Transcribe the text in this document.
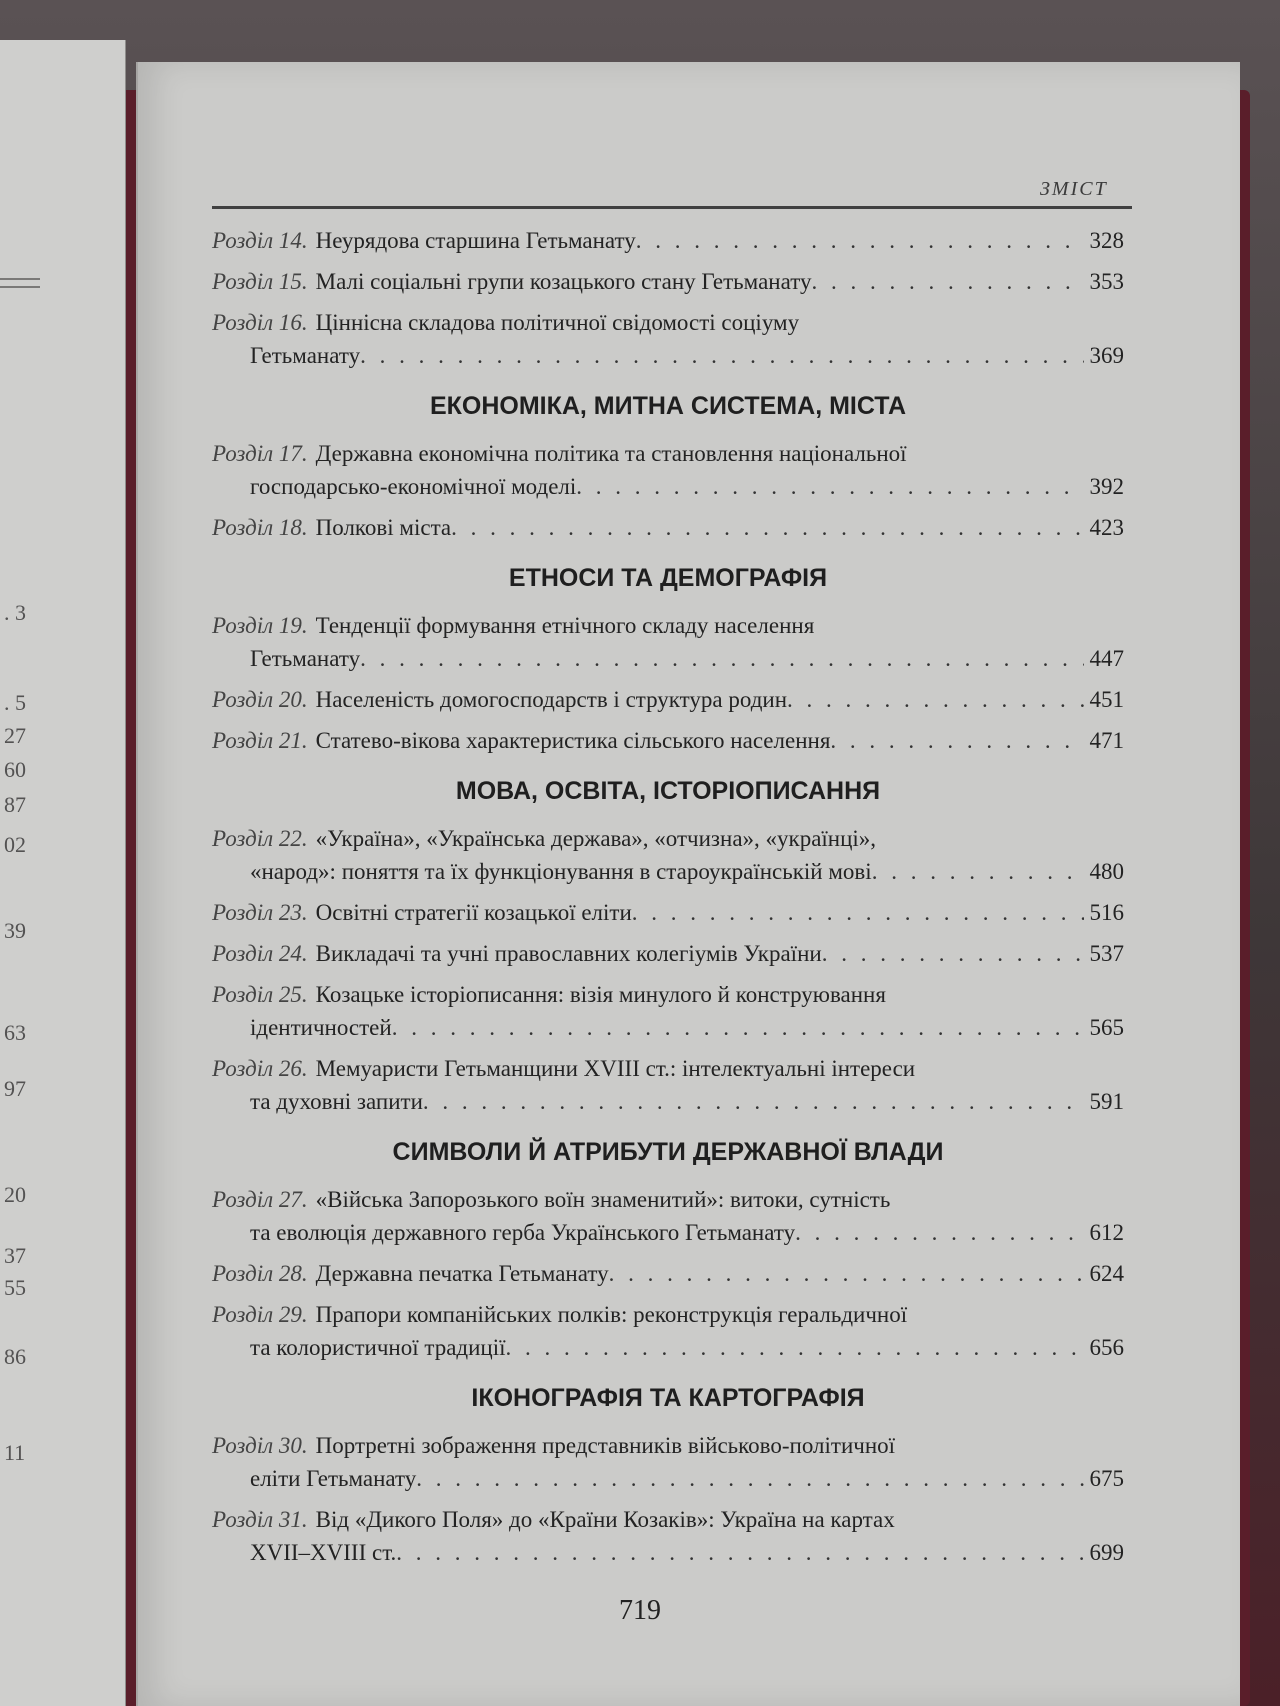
. 3
. 5
27
60
87
02
39
63
97
20
37
55
86
11
ЗМІСТ
Розділ 14. Неурядова старшина Гетьманату . . .	328
Розділ 15. Малі соціальні групи козацького стану Гетьманату . . .	353
Розділ 16. Ціннісна складова політичної свідомості соціуму
Гетьманату . . .	369
ЕКОНОМІКА, МИТНА СИСТЕМА, МІСТА
Розділ 17. Державна економічна політика та становлення національної
господарсько-економічної моделі . . .	392
Розділ 18. Полкові міста . . .	423
ЕТНОСИ ТА ДЕМОГРАФІЯ
Розділ 19. Тенденції формування етнічного складу населення
Гетьманату . . .	447
Розділ 20. Населеність домогосподарств і структура родин . . .	451
Розділ 21. Статево-вікова характеристика сільського населення . . .	471
МОВА, ОСВІТА, ІСТОРІОПИСАННЯ
Розділ 22. «Україна», «Українська держава», «отчизна», «українці»,
«народ»: поняття та їх функціонування в староукраїнській мові . . .	480
Розділ 23. Освітні стратегії козацької еліти . . .	516
Розділ 24. Викладачі та учні православних колегіумів України . . .	537
Розділ 25. Козацьке історіописання: візія минулого й конструювання
ідентичностей . . .	565
Розділ 26. Мемуаристи Гетьманщини XVIII ст.: інтелектуальні інтереси
та духовні запити . . .	591
СИМВОЛИ Й АТРИБУТИ ДЕРЖАВНОЇ ВЛАДИ
Розділ 27. «Війська Запорозького воїн знаменитий»: витоки, сутність
та еволюція державного герба Українського Гетьманату . . .	612
Розділ 28. Державна печатка Гетьманату . . .	624
Розділ 29. Прапори компанійських полків: реконструкція геральдичної
та колористичної традиції . . .	656
ІКОНОГРАФІЯ ТА КАРТОГРАФІЯ
Розділ 30. Портретні зображення представників військово-політичної
еліти Гетьманату . . .	675
Розділ 31. Від «Дикого Поля» до «Країни Козаків»: Україна на картах
XVII–XVIII ст. . . .	699
719
